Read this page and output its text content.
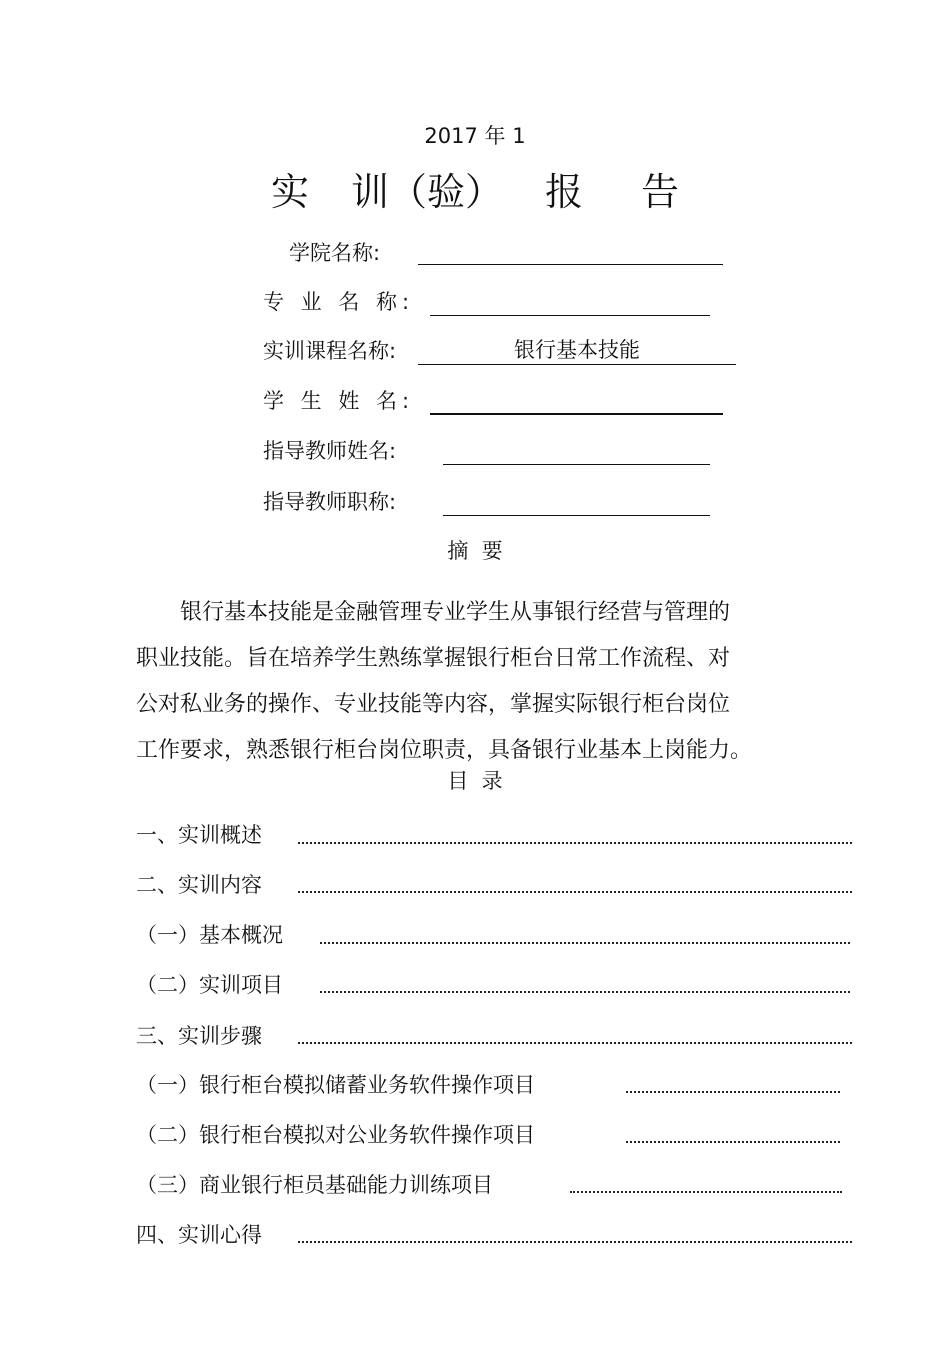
2017 年 1
实 训（验） 报 告
学院名称:
专 业 名 称:
实训课程名称:	银行基本技能
学 生 姓 名:
指导教师姓名:
指导教师职称:
摘  要
银行基本技能是金融管理专业学生从事银行经营与管理的
职业技能。旨在培养学生熟练掌握银行柜台日常工作流程、对
公对私业务的操作、专业技能等内容，掌握实际银行柜台岗位
工作要求，熟悉银行柜台岗位职责，具备银行业基本上岗能力。
目  录
一、实训概述
二、实训内容
（一）基本概况
（二）实训项目
三、实训步骤
（一）银行柜台模拟储蓄业务软件操作项目
（二）银行柜台模拟对公业务软件操作项目
（三）商业银行柜员基础能力训练项目
四、实训心得
